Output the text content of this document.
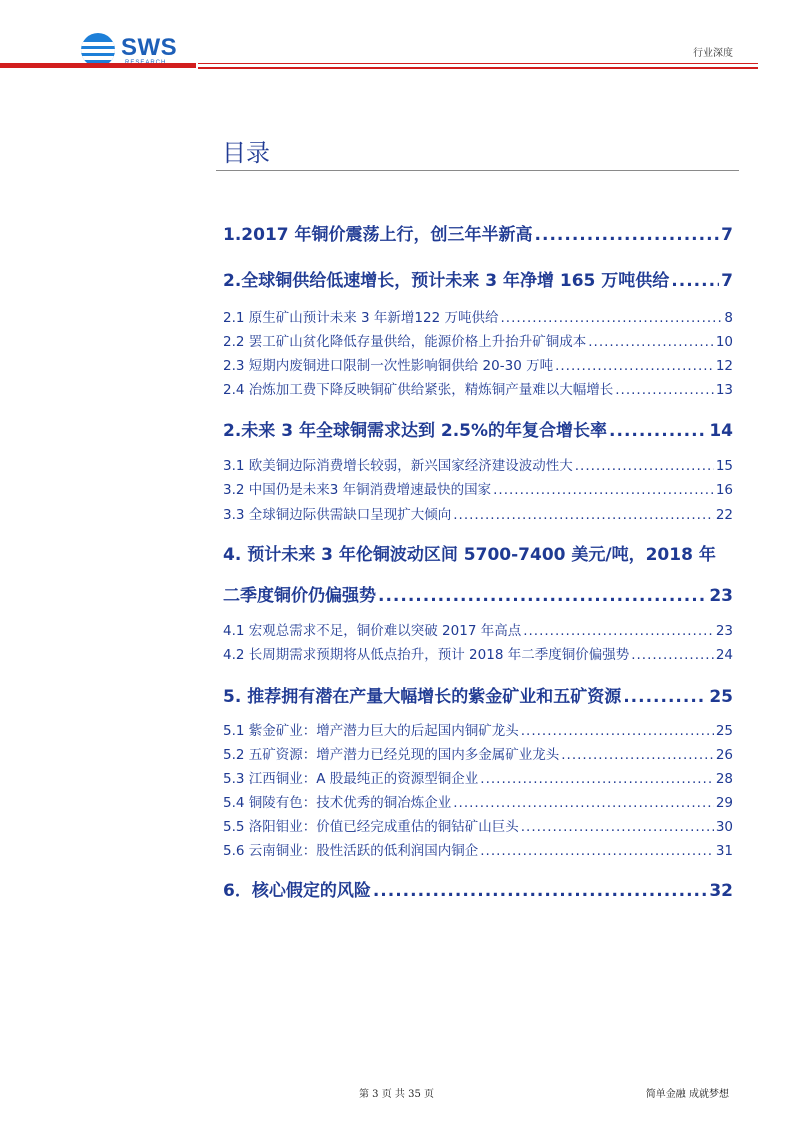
SWS	行业深度
目录
1.2017 年铜价震荡上行，创三年半新高 .....	7
2.全球铜供给低速增长，预计未来 3 年净增 165 万吨供给 .....	7
2.1 原生矿山预计未来 3 年新增122 万吨供给 .....	8
2.2 罢工矿山贫化降低存量供给，能源价格上升抬升矿铜成本 .....	10
2.3 短期内废铜进口限制一次性影响铜供给 20-30 万吨 .....	12
2.4 冶炼加工费下降反映铜矿供给紧张，精炼铜产量难以大幅增长 .....	13
2.未来 3 年全球铜需求达到 2.5%的年复合增长率 .....	14
3.1 欧美铜边际消费增长较弱，新兴国家经济建设波动性大 .....	15
3.2 中国仍是未来3 年铜消费增速最快的国家 .....	16
3.3 全球铜边际供需缺口呈现扩大倾向 .....	22
4. 预计未来 3 年伦铜波动区间 5700-7400 美元/吨，2018 年
二季度铜价仍偏强势 .....	23
4.1 宏观总需求不足，铜价难以突破 2017 年高点 .....	23
4.2 长周期需求预期将从低点抬升，预计 2018 年二季度铜价偏强势 .....	24
5. 推荐拥有潜在产量大幅增长的紫金矿业和五矿资源 .....	25
5.1 紫金矿业：增产潜力巨大的后起国内铜矿龙头 .....	25
5.2 五矿资源：增产潜力已经兑现的国内多金属矿业龙头 .....	26
5.3 江西铜业：A 股最纯正的资源型铜企业 .....	28
5.4 铜陵有色：技术优秀的铜冶炼企业 .....	29
5.5 洛阳钼业：价值已经完成重估的铜钴矿山巨头 .....	30
5.6 云南铜业：股性活跃的低利润国内铜企 .....	31
6．核心假定的风险 .....	32
第 3 页 共 35 页	简单金融 成就梦想
